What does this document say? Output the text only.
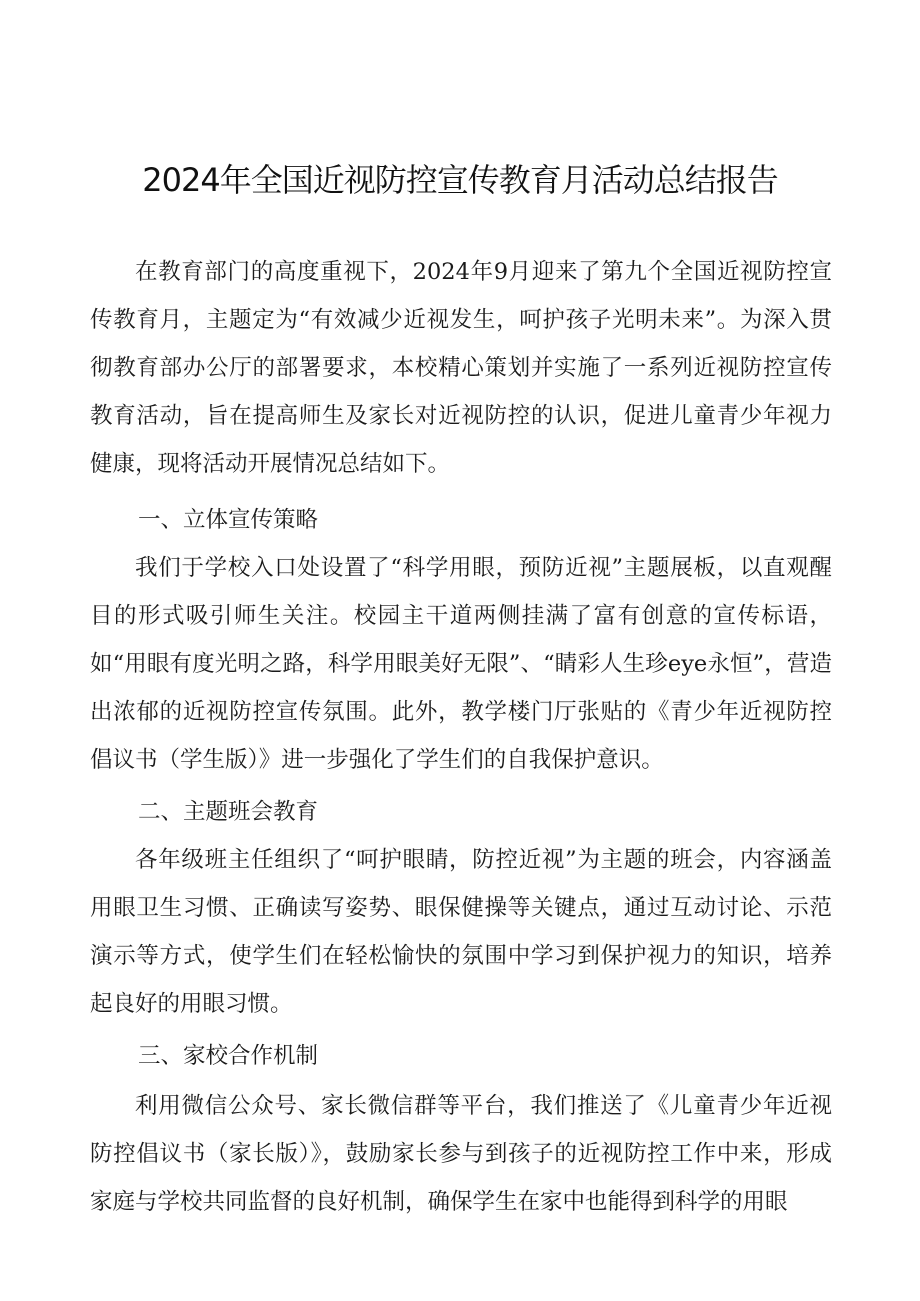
2024年全国近视防控宣传教育月活动总结报告

在教育部门的高度重视下，2024年9月迎来了第九个全国近视防控宣传教育月，主题定为“有效减少近视发生，呵护孩子光明未来”。为深入贯彻教育部办公厅的部署要求，本校精心策划并实施了一系列近视防控宣传教育活动，旨在提高师生及家长对近视防控的认识，促进儿童青少年视力健康，现将活动开展情况总结如下。

一、立体宣传策略

我们于学校入口处设置了“科学用眼，预防近视”主题展板，以直观醒目的形式吸引师生关注。校园主干道两侧挂满了富有创意的宣传标语，如“用眼有度光明之路，科学用眼美好无限”、“睛彩人生珍eye永恒”，营造出浓郁的近视防控宣传氛围。此外，教学楼门厅张贴的《青少年近视防控倡议书（学生版）》进一步强化了学生们的自我保护意识。

二、主题班会教育

各年级班主任组织了“呵护眼睛，防控近视”为主题的班会，内容涵盖用眼卫生习惯、正确读写姿势、眼保健操等关键点，通过互动讨论、示范演示等方式，使学生们在轻松愉快的氛围中学习到保护视力的知识，培养起良好的用眼习惯。

三、家校合作机制

利用微信公众号、家长微信群等平台，我们推送了《儿童青少年近视防控倡议书（家长版）》，鼓励家长参与到孩子的近视防控工作中来，形成家庭与学校共同监督的良好机制，确保学生在家中也能得到科学的用眼
